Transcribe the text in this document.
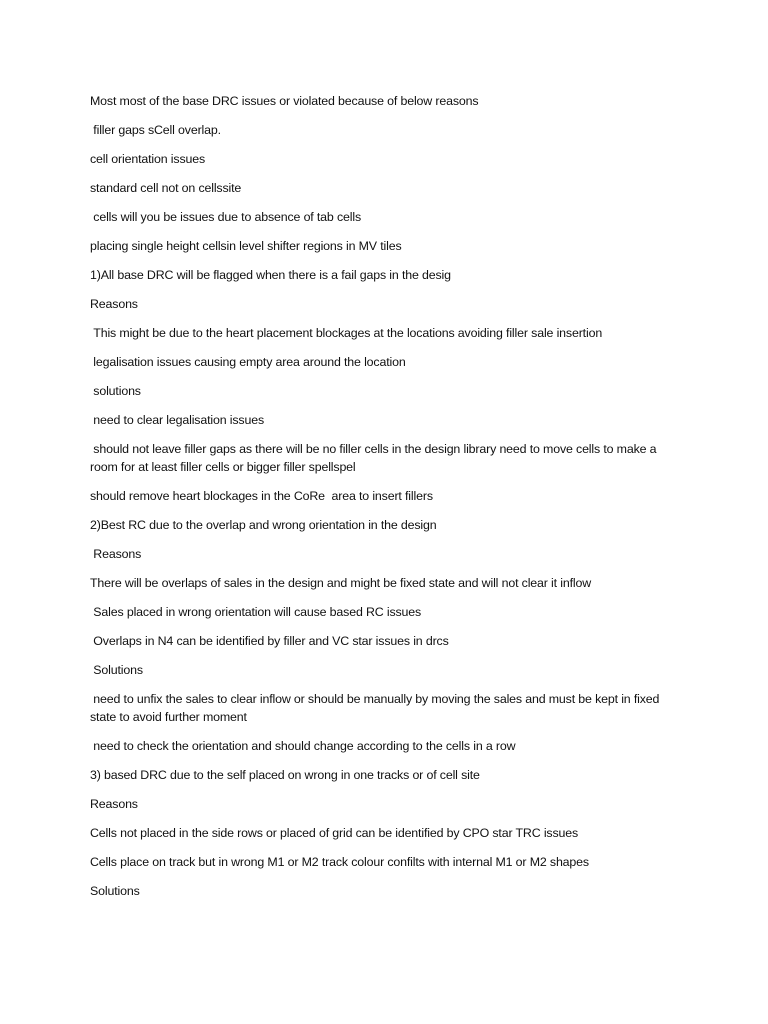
Most most of the base DRC issues or violated because of below reasons

filler gaps sCell overlap.

cell orientation issues

standard cell not on cellssite

cells will you be issues due to absence of tab cells

placing single height cellsin level shifter regions in MV tiles

1)All base DRC will be flagged when there is a fail gaps in the desig

Reasons

This might be due to the heart placement blockages at the locations avoiding filler sale insertion

legalisation issues causing empty area around the location

solutions

need to clear legalisation issues

should not leave filler gaps as there will be no filler cells in the design library need to move cells to make a room for at least filler cells or bigger filler spellspel

should remove heart blockages in the CoRe  area to insert fillers

2)Best RC due to the overlap and wrong orientation in the design

Reasons

There will be overlaps of sales in the design and might be fixed state and will not clear it inflow

Sales placed in wrong orientation will cause based RC issues

Overlaps in N4 can be identified by filler and VC star issues in drcs

Solutions

need to unfix the sales to clear inflow or should be manually by moving the sales and must be kept in fixed state to avoid further moment

need to check the orientation and should change according to the cells in a row

3) based DRC due to the self placed on wrong in one tracks or of cell site

Reasons

Cells not placed in the side rows or placed of grid can be identified by CPO star TRC issues

Cells place on track but in wrong M1 or M2 track colour confilts with internal M1 or M2 shapes

Solutions
